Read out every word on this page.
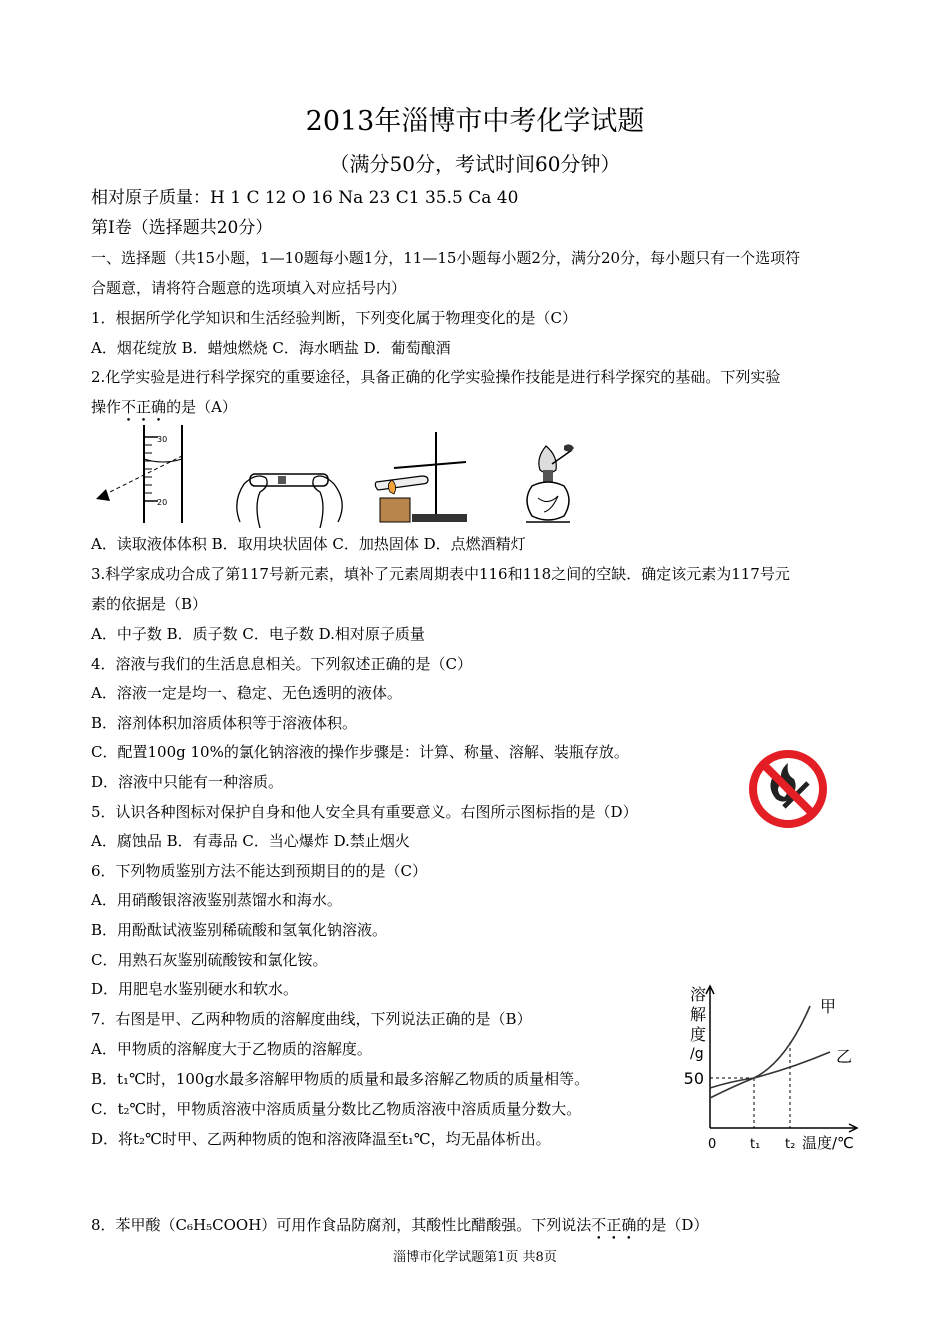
2013年淄博市中考化学试题
（满分50分，考试时间60分钟）
相对原子质量：H 1 C 12 O 16 Na 23 C1 35.5 Ca 40
第Ⅰ卷（选择题共20分）
一、选择题（共15小题，1—10题每小题1分，11—15小题每小题2分，满分20分，每小题只有一个选项符
合题意，请将符合题意的选项填入对应括号内）
1．根据所学化学知识和生活经验判断，下列变化属于物理变化的是（C）
A．烟花绽放 B．蜡烛燃烧 C．海水晒盐 D．葡萄酿酒
2.化学实验是进行科学探究的重要途径，具备正确的化学实验操作技能是进行科学探究的基础。下列实验
操作不正确的是（A）
30
20
A．读取液体体积 B．取用块状固体 C．加热固体 D．点燃酒精灯
3.科学家成功合成了第117号新元素，填补了元素周期表中116和118之间的空缺．确定该元素为117号元
素的依据是（B）
A．中子数 B．质子数 C．电子数 D.相对原子质量
4．溶液与我们的生活息息相关。下列叙述正确的是（C）
A．溶液一定是均一、稳定、无色透明的液体。
B．溶剂体积加溶质体积等于溶液体积。
C．配置100g 10%的氯化钠溶液的操作步骤是：计算、称量、溶解、装瓶存放。
D．溶液中只能有一种溶质。
5．认识各种图标对保护自身和他人安全具有重要意义。右图所示图标指的是（D）
A．腐蚀品 B．有毒品 C．当心爆炸 D.禁止烟火
6．下列物质鉴别方法不能达到预期目的的是（C）
A．用硝酸银溶液鉴别蒸馏水和海水。
B．用酚酞试液鉴别稀硫酸和氢氧化钠溶液。
C．用熟石灰鉴别硫酸铵和氯化铵。
D．用肥皂水鉴别硬水和软水。	溶
解
度
/g
50
甲
乙
0	t₁ t₂ 温度/℃
7．右图是甲、乙两种物质的溶解度曲线，下列说法正确的是（B）
A．甲物质的溶解度大于乙物质的溶解度。
B．t₁℃时，100g水最多溶解甲物质的质量和最多溶解乙物质的质量相等。
C．t₂℃时，甲物质溶液中溶质质量分数比乙物质溶液中溶质质量分数大。
D．将t₂℃时甲、乙两种物质的饱和溶液降温至t₁℃，均无晶体析出。
8．苯甲酸（C₆H₅COOH）可用作食品防腐剂，其酸性比醋酸强。下列说法不正确的是（D）
淄博市化学试题第1页 共8页
